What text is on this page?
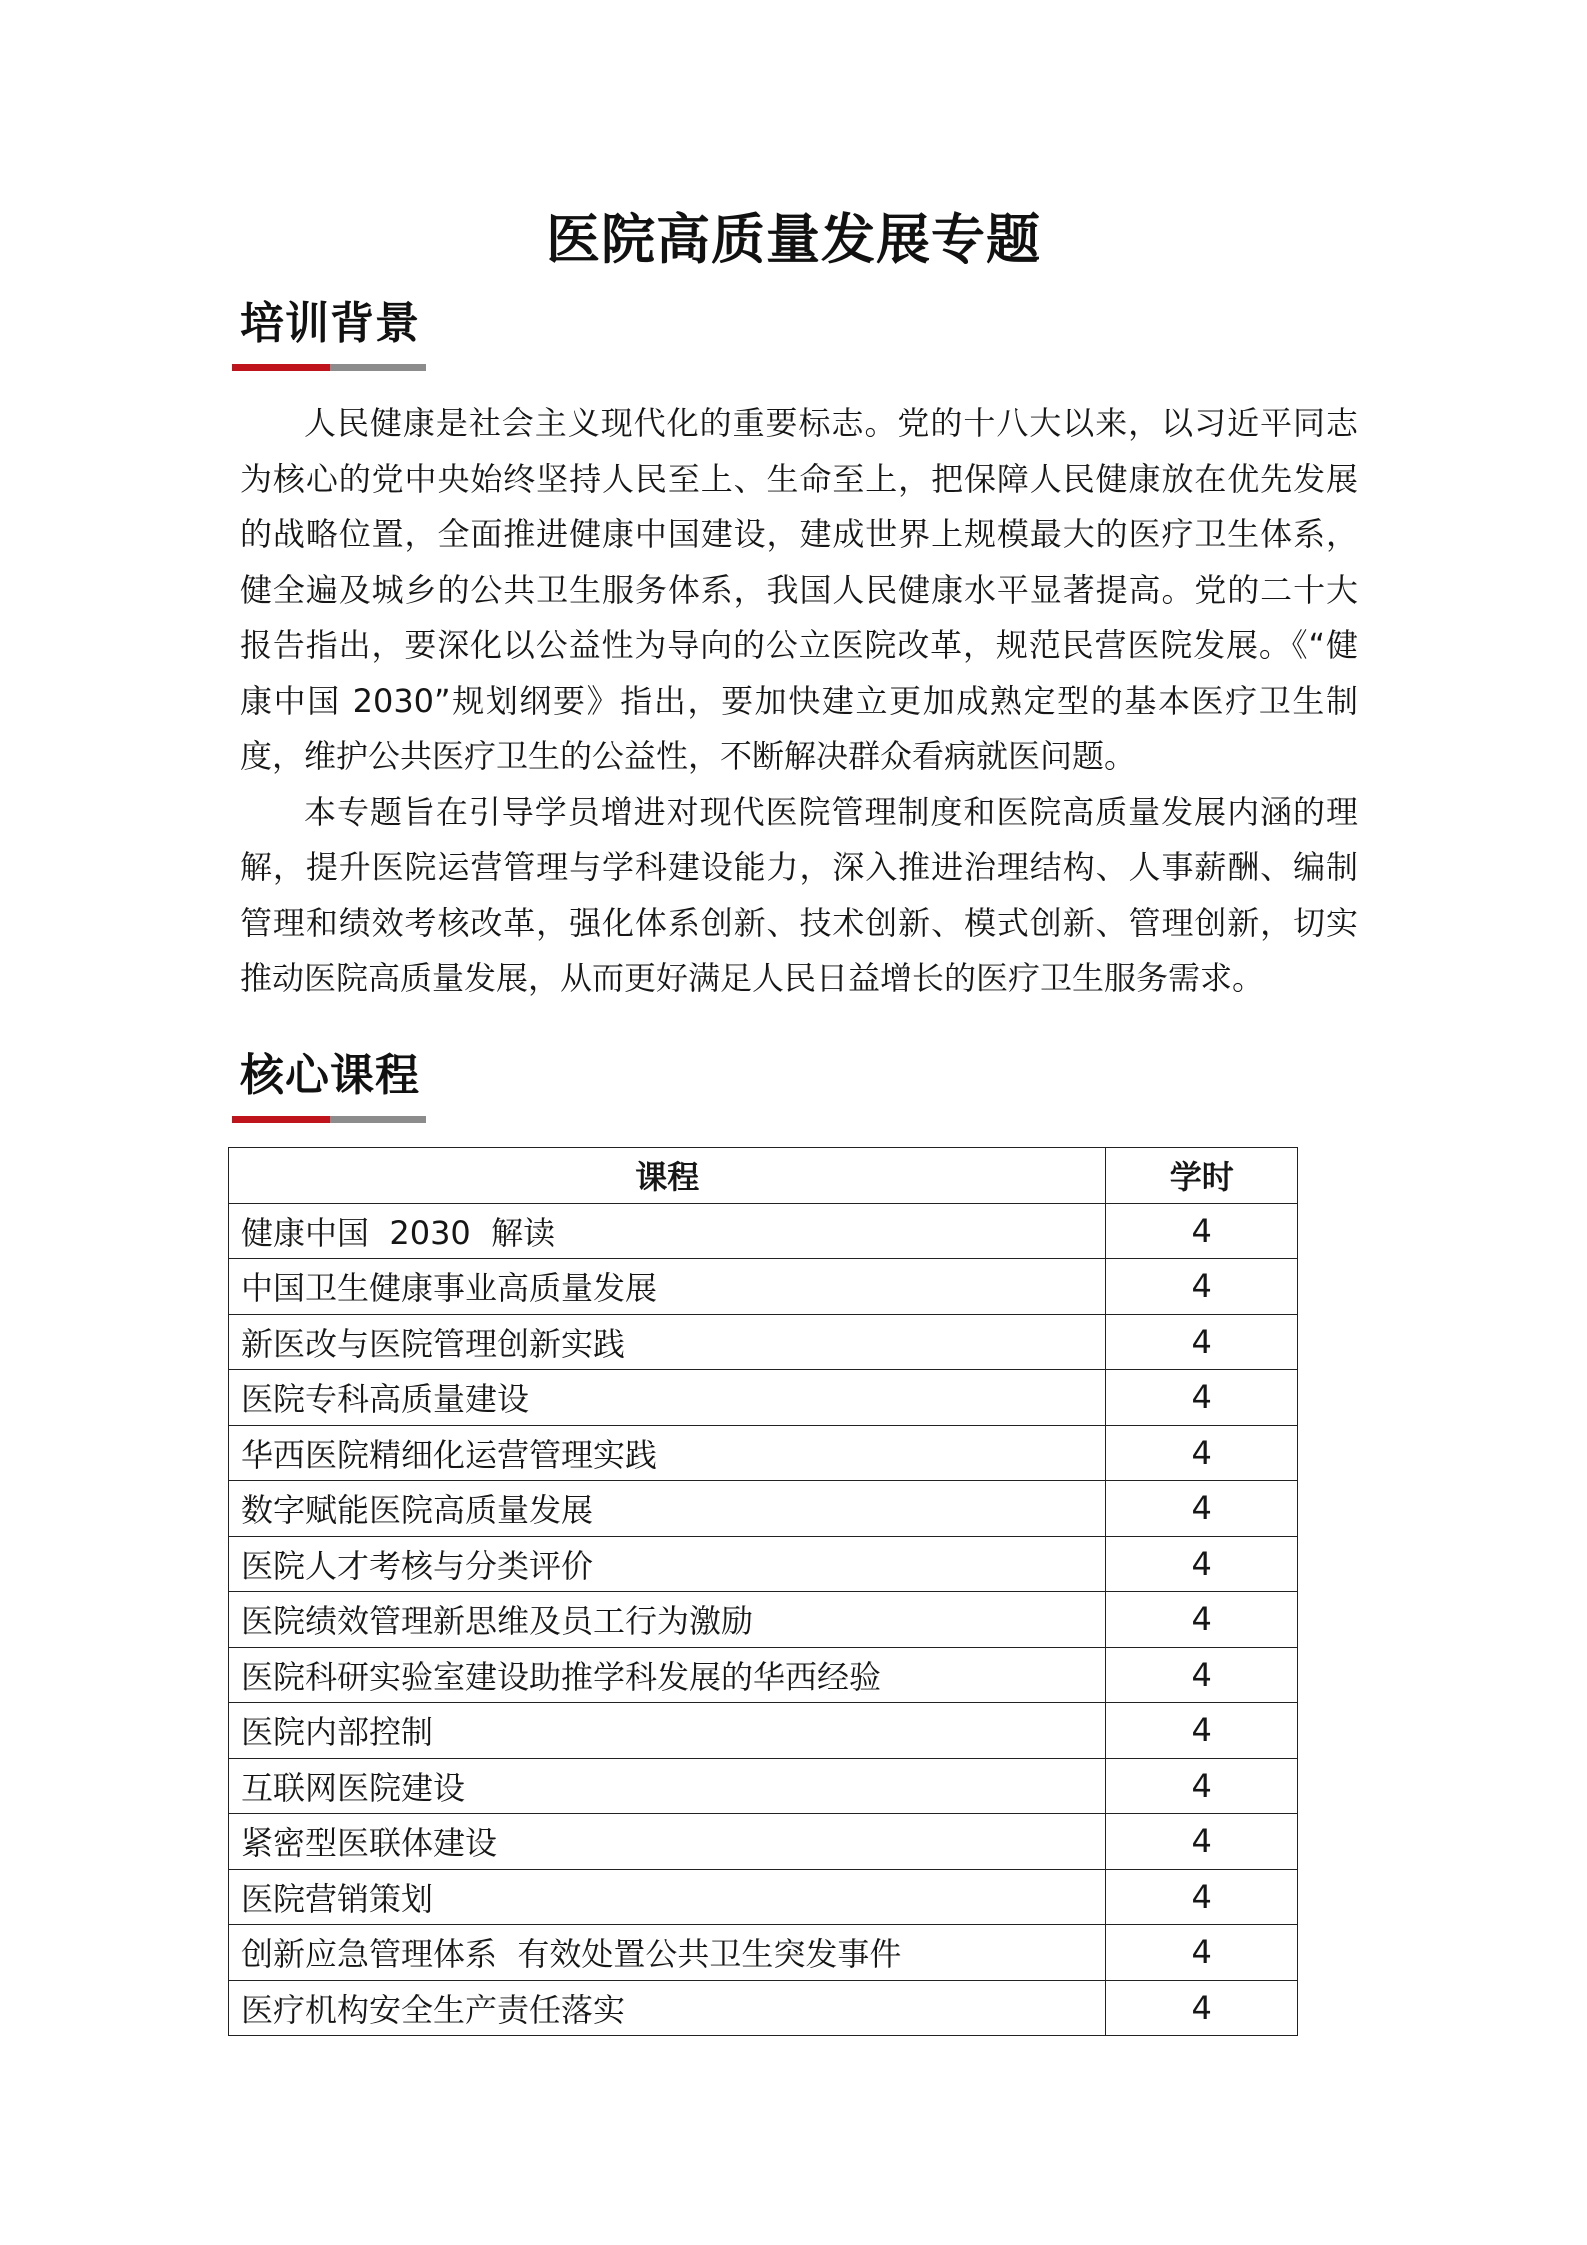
医院高质量发展专题
培训背景

人民健康是社会主义现代化的重要标志。党的十八大以来，以习近平同志为核心的党中央始终坚持人民至上、生命至上，把保障人民健康放在优先发展的战略位置，全面推进健康中国建设，建成世界上规模最大的医疗卫生体系，健全遍及城乡的公共卫生服务体系，我国人民健康水平显著提高。党的二十大报告指出，要深化以公益性为导向的公立医院改革，规范民营医院发展。《“健康中国 2030”规划纲要》指出，要加快建立更加成熟定型的基本医疗卫生制度，维护公共医疗卫生的公益性，不断解决群众看病就医问题。

本专题旨在引导学员增进对现代医院管理制度和医院高质量发展内涵的理解，提升医院运营管理与学科建设能力，深入推进治理结构、人事薪酬、编制管理和绩效考核改革，强化体系创新、技术创新、模式创新、管理创新，切实推动医院高质量发展，从而更好满足人民日益增长的医疗卫生服务需求。

核心课程
课程	学时
健康中国  2030  解读	4
中国卫生健康事业高质量发展	4
新医改与医院管理创新实践	4
医院专科高质量建设	4
华西医院精细化运营管理实践	4
数字赋能医院高质量发展	4
医院人才考核与分类评价	4
医院绩效管理新思维及员工行为激励	4
医院科研实验室建设助推学科发展的华西经验	4
医院内部控制	4
互联网医院建设	4
紧密型医联体建设	4
医院营销策划	4
创新应急管理体系  有效处置公共卫生突发事件	4
医疗机构安全生产责任落实	4
